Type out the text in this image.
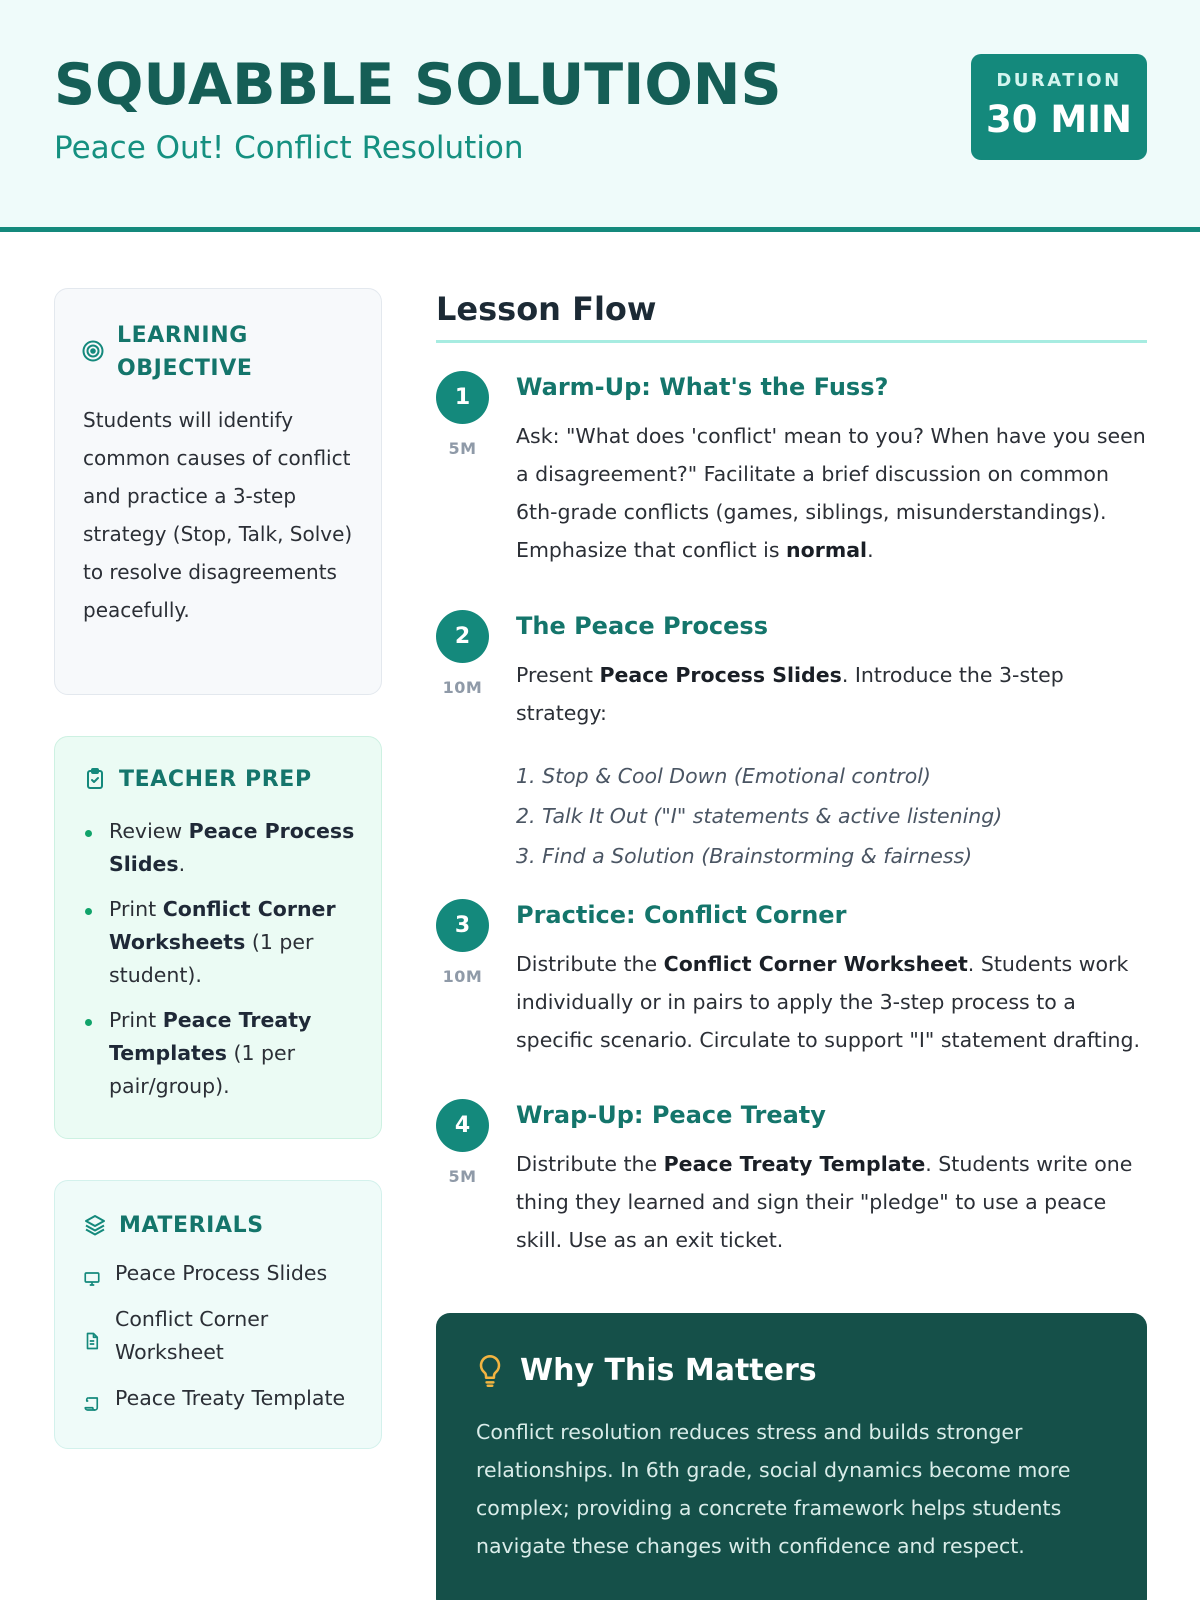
SQUABBLE SOLUTIONS
Peace Out! Conflict Resolution
DURATION
30 MIN
LEARNING OBJECTIVE
Students will identify common causes of conflict and practice a 3-step strategy (Stop, Talk, Solve) to resolve disagreements peacefully.
TEACHER PREP
Review Peace Process Slides.
Print Conflict Corner Worksheets (1 per student).
Print Peace Treaty Templates (1 per pair/group).
MATERIALS
Peace Process Slides
Conflict Corner Worksheet
Peace Treaty Template
Lesson Flow
1
5M
Warm-Up: What's the Fuss?
Ask: "What does 'conflict' mean to you? When have you seen a disagreement?" Facilitate a brief discussion on common 6th-grade conflicts (games, siblings, misunderstandings). Emphasize that conflict is normal.
2
10M
The Peace Process
Present Peace Process Slides. Introduce the 3-step strategy:
1. Stop & Cool Down (Emotional control)
2. Talk It Out ("I" statements & active listening)
3. Find a Solution (Brainstorming & fairness)
3
10M
Practice: Conflict Corner
Distribute the Conflict Corner Worksheet. Students work individually or in pairs to apply the 3-step process to a specific scenario. Circulate to support "I" statement drafting.
4
5M
Wrap-Up: Peace Treaty
Distribute the Peace Treaty Template. Students write one thing they learned and sign their "pledge" to use a peace skill. Use as an exit ticket.
Why This Matters
Conflict resolution reduces stress and builds stronger relationships. In 6th grade, social dynamics become more complex; providing a concrete framework helps students navigate these changes with confidence and respect.
